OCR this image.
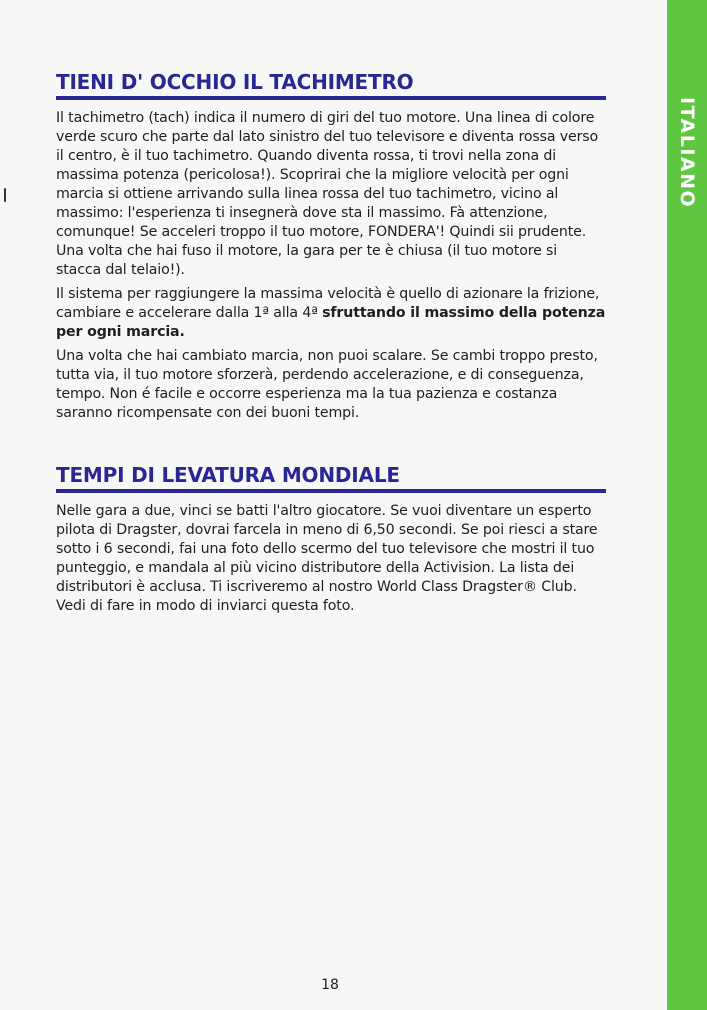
ITALIANO
TIENI D' OCCHIO IL TACHIMETRO

Il tachimetro (tach) indica il numero di giri del tuo motore. Una linea di colore verde scuro che parte dal lato sinistro del tuo televisore e diventa rossa verso il centro, è il tuo tachimetro. Quando diventa rossa, ti trovi nella zona di massima potenza (pericolosa!). Scoprirai che la migliore velocità per ogni marcia si ottiene arrivando sulla linea rossa del tuo tachimetro, vicino al massimo: l'esperienza ti insegnerà dove sta il massimo. Fà attenzione, comunque! Se acceleri troppo il tuo motore, FONDERA'! Quindi sii prudente. Una volta che hai fuso il motore, la gara per te è chiusa (il tuo motore si stacca dal telaio!).

Il sistema per raggiungere la massima velocità è quello di azionare la frizione, cambiare e accelerare dalla 1ª alla 4ª sfruttando il massimo della potenza per ogni marcia.

Una volta che hai cambiato marcia, non puoi scalare. Se cambi troppo presto, tutta via, il tuo motore sforzerà, perdendo accelerazione, e di conseguenza, tempo. Non é facile e occorre esperienza ma la tua pazienza e costanza saranno ricompensate con dei buoni tempi.

TEMPI DI LEVATURA MONDIALE

Nelle gara a due, vinci se batti l'altro giocatore. Se vuoi diventare un esperto pilota di Dragster, dovrai farcela in meno di 6,50 secondi. Se poi riesci a stare sotto i 6 secondi, fai una foto dello scermo del tuo televisore che mostri il tuo punteggio, e mandala al più vicino distributore della Activision. La lista dei distributori è acclusa. Ti iscriveremo al nostro World Class Dragster® Club. Vedi di fare in modo di inviarci questa foto.

18
